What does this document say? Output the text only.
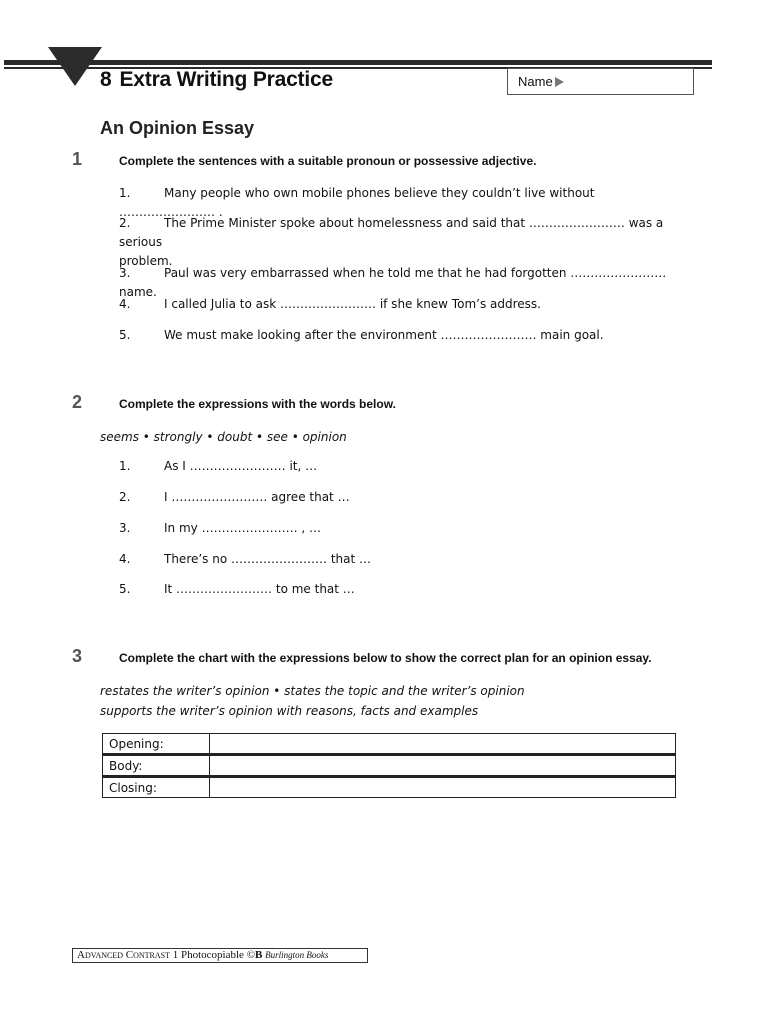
8 Extra Writing Practice	Name
An Opinion Essay
1	Complete the sentences with a suitable pronoun or possessive adjective.
1.	Many people who own mobile phones believe they couldn’t live without …………………… .
2.	The Prime Minister spoke about homelessness and said that …………………… was a serious
problem.
3.	Paul was very embarrassed when he told me that he had forgotten …………………… name.
4.	I called Julia to ask …………………… if she knew Tom’s address.
5.	We must make looking after the environment …………………… main goal.
2	Complete the expressions with the words below.
seems • strongly • doubt • see • opinion
1.	As I …………………… it, …
2.	I …………………… agree that …
3.	In my …………………… , …
4.	There’s no …………………… that …
5.	It …………………… to me that …
3	Complete the chart with the expressions below to show the correct plan for an opinion essay.
restates the writer’s opinion • states the topic and the writer’s opinion
supports the writer’s opinion with reasons, facts and examples
Opening:	
Body:	
Closing:	
Advanced Contrast 1 Photocopiable ©B Burlington Books
